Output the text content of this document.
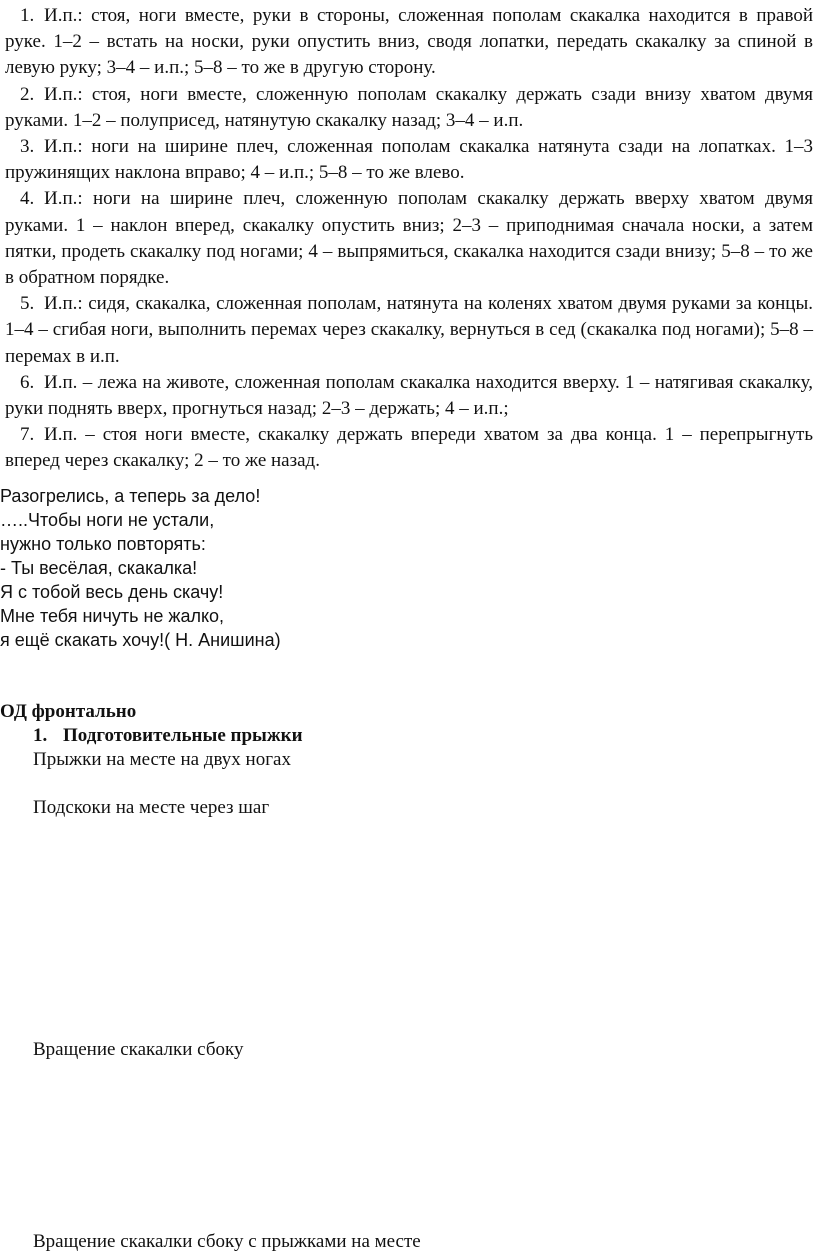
1. И.п.: стоя, ноги вместе, руки в стороны, сложенная пополам скакалка находится в правой руке. 1–2 – встать на носки, руки опустить вниз, сводя лопатки, передать скакалку за спиной в левую руку; 3–4 – и.п.; 5–8 – то же в другую сторону.

2. И.п.: стоя, ноги вместе, сложенную пополам скакалку держать сзади внизу хватом двумя руками. 1–2 – полуприсед, натянутую скакалку назад; 3–4 – и.п.

3. И.п.: ноги на ширине плеч, сложенная пополам скакалка натянута сзади на лопатках. 1–3 пружинящих наклона вправо; 4 – и.п.; 5–8 – то же влево.

4. И.п.: ноги на ширине плеч, сложенную пополам скакалку держать вверху хватом двумя руками. 1 – наклон вперед, скакалку опустить вниз; 2–3 – приподнимая сначала носки, а затем пятки, продеть скакалку под ногами; 4 – выпрямиться, скакалка находится сзади внизу; 5–8 – то же в обратном порядке.

5. И.п.: сидя, скакалка, сложенная пополам, натянута на коленях хватом двумя руками за концы. 1–4 – сгибая ноги, выполнить перемах через скакалку, вернуться в сед (скакалка под ногами); 5–8 – перемах в и.п.

6. И.п. – лежа на животе, сложенная пополам скакалка находится вверху. 1 – натягивая скакалку, руки поднять вверх, прогнуться назад; 2–3 – держать; 4 – и.п.;

7. И.п. – стоя ноги вместе, скакалку держать впереди хватом за два конца. 1 – перепрыгнуть вперед через скакалку; 2 – то же назад.

Разогрелись, а теперь за дело!

…..Чтобы ноги не устали,

нужно только повторять:

- Ты весёлая, скакалка!

Я с тобой весь день скачу!

Мне тебя ничуть не жалко,

я ещё скакать хочу!( Н. Анишина)

ОД фронтально
1. Подготовительные прыжки
Прыжки на месте на двух ногах
Подскоки на месте через шаг
Вращение скакалки сбоку
Вращение скакалки сбоку с прыжками на месте
